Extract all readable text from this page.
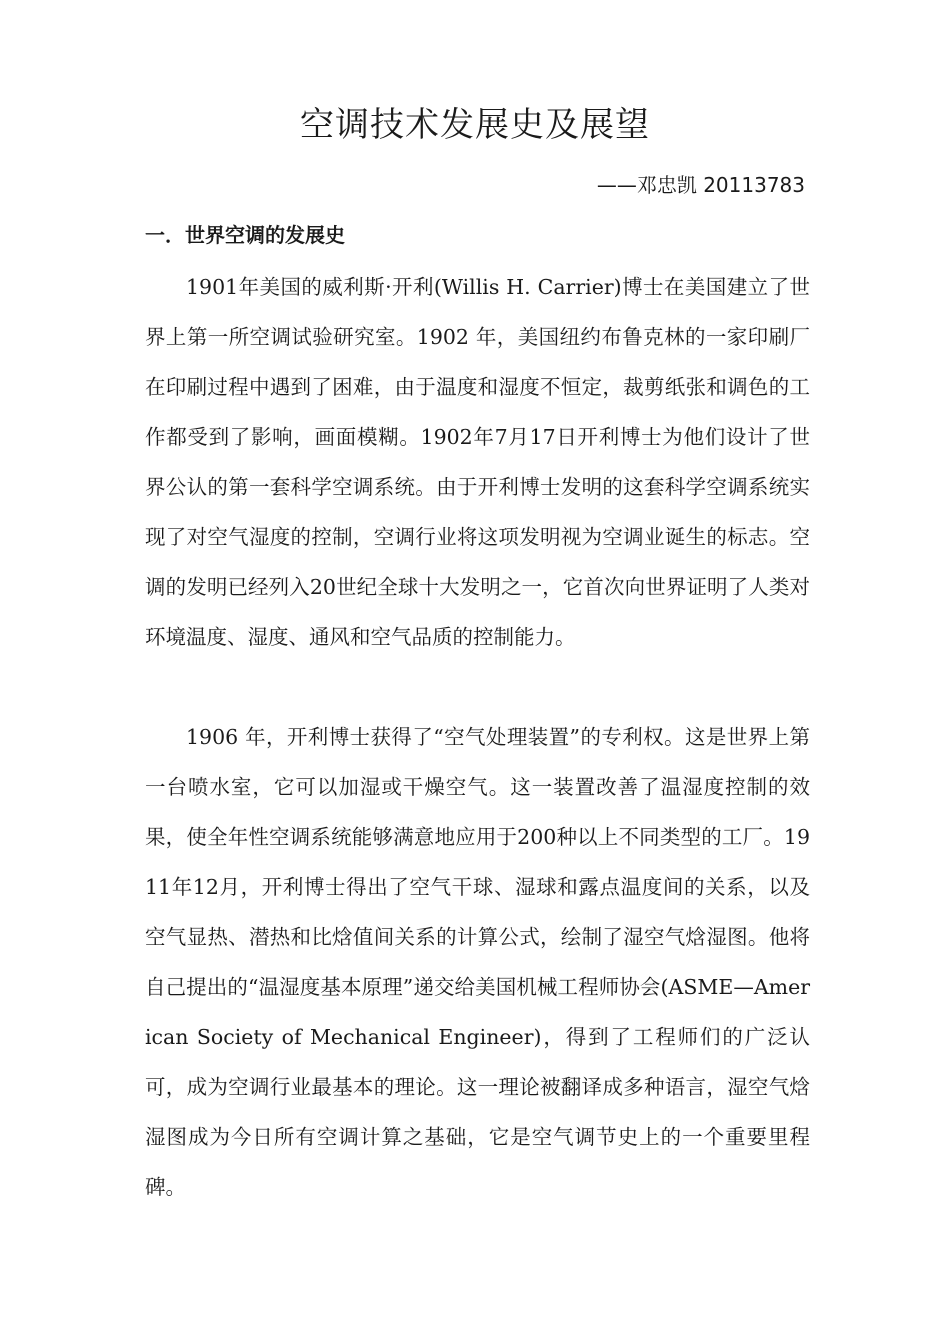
空调技术发展史及展望
——邓忠凯 20113783
一．世界空调的发展史

1901年美国的威利斯·开利(Willis H. Carrier)博士在美国建立了世界上第一所空调试验研究室。1902 年，美国纽约布鲁克林的一家印刷厂在印刷过程中遇到了困难，由于温度和湿度不恒定，裁剪纸张和调色的工作都受到了影响，画面模糊。1902年7月17日开利博士为他们设计了世界公认的第一套科学空调系统。由于开利博士发明的这套科学空调系统实现了对空气湿度的控制，空调行业将这项发明视为空调业诞生的标志。空调的发明已经列入20世纪全球十大发明之一，它首次向世界证明了人类对环境温度、湿度、通风和空气品质的控制能力。

1906 年，开利博士获得了“空气处理装置”的专利权。这是世界上第一台喷水室，它可以加湿或干燥空气。这一装置改善了温湿度控制的效果，使全年性空调系统能够满意地应用于200种以上不同类型的工厂。1911年12月，开利博士得出了空气干球、湿球和露点温度间的关系，以及空气显热、潜热和比焓值间关系的计算公式，绘制了湿空气焓湿图。他将自己提出的“温湿度基本原理”递交给美国机械工程师协会(ASME—American Society of Mechanical Engineer)，得到了工程师们的广泛认可，成为空调行业最基本的理论。这一理论被翻译成多种语言，湿空气焓湿图成为今日所有空调计算之基础，它是空气调节史上的一个重要里程碑。
